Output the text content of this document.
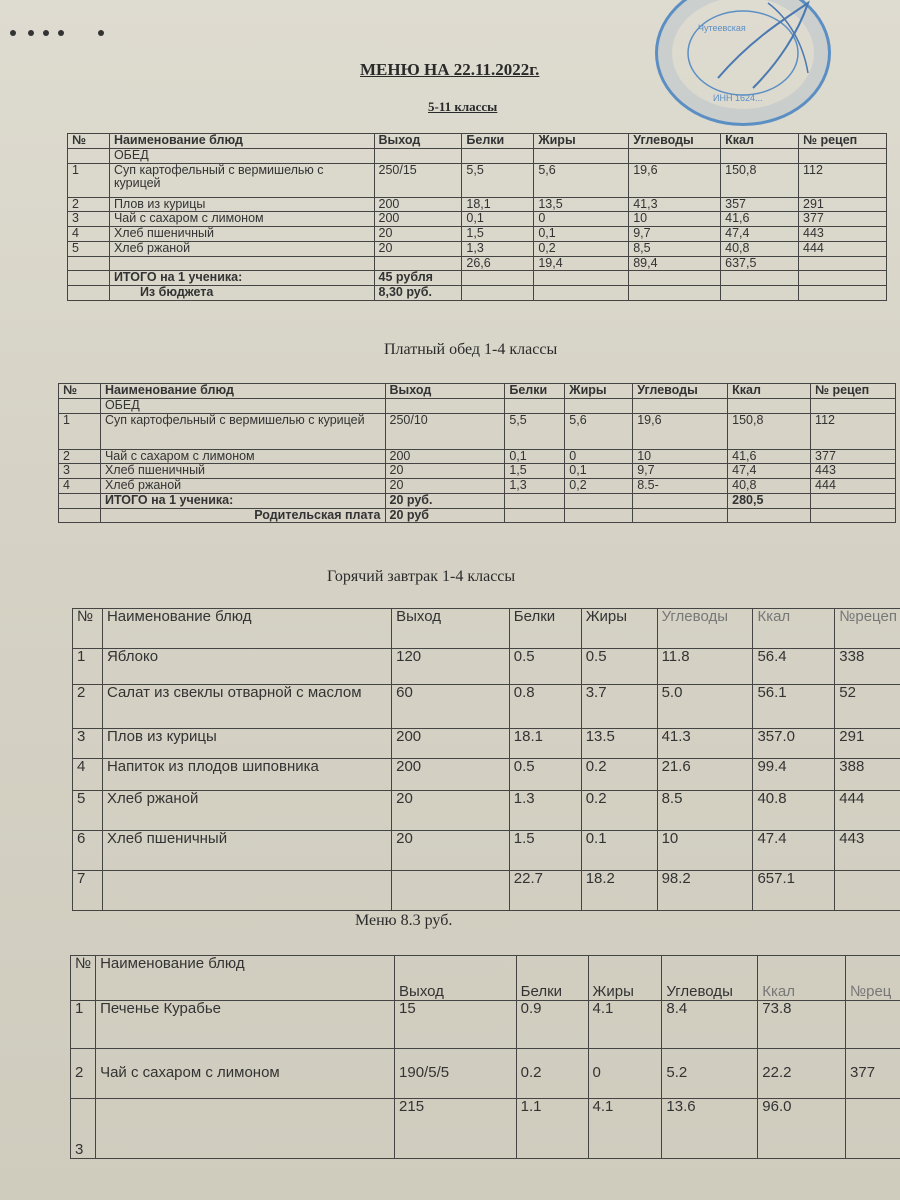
Чутеевская
ИНН 1624...
МЕНЮ НА 22.11.2022г.
5-11 классы
№	Наименование блюд	Выход	Белки	Жиры	Углеводы	Ккал	№ рецеп
	ОБЕД						
1	Суп картофельный с вермишелью с курицей	250/15	5,5	5,6	19,6	150,8	112
2	Плов из курицы	200	18,1	13,5	41,3	357	291
3	Чай с сахаром с лимоном	200	0,1	0	10	41,6	377
4	Хлеб пшеничный	20	1,5	0,1	9,7	47,4	443
5	Хлеб ржаной	20	1,3	0,2	8,5	40,8	444
			26,6	19,4	89,4	637,5	
	ИТОГО на 1 ученика:	45 рубля					
	Из бюджета	8,30 руб.					
Платный обед 1-4 классы
№	Наименование блюд	Выход	Белки	Жиры	Углеводы	Ккал	№ рецеп
	ОБЕД						
1	Суп картофельный с вермишелью с курицей	250/10	5,5	5,6	19,6	150,8	112
2	Чай с сахаром с лимоном	200	0,1	0	10	41,6	377
3	Хлеб пшеничный	20	1,5	0,1	9,7	47,4	443
4	Хлеб ржаной	20	1,3	0,2	8.5-	40,8	444
	ИТОГО на 1 ученика:	20 руб.				280,5	
	Родительская плата	20 руб					
Горячий завтрак 1-4 классы
№	Наименование блюд	Выход	Белки	Жиры	Углеводы	Ккал	№рецеп
1	Яблоко	120	0.5	0.5	11.8	56.4	338
2	Салат из свеклы отварной с маслом	60	0.8	3.7	5.0	56.1	52
3	Плов из курицы	200	18.1	13.5	41.3	357.0	291
4	Напиток из плодов шиповника	200	0.5	0.2	21.6	99.4	388
5	Хлеб ржаной	20	1.3	0.2	8.5	40.8	444
6	Хлеб пшеничный	20	1.5	0.1	10	47.4	443
7			22.7	18.2	98.2	657.1	
Меню 8.3 руб.
№	Наименование блюд	Выход	Белки	Жиры	Углеводы	Ккал	№рец
1	Печенье Курабье	15	0.9	4.1	8.4	73.8	
2	Чай с сахаром с лимоном	190/5/5	0.2	0	5.2	22.2	377
3		215	1.1	4.1	13.6	96.0	
